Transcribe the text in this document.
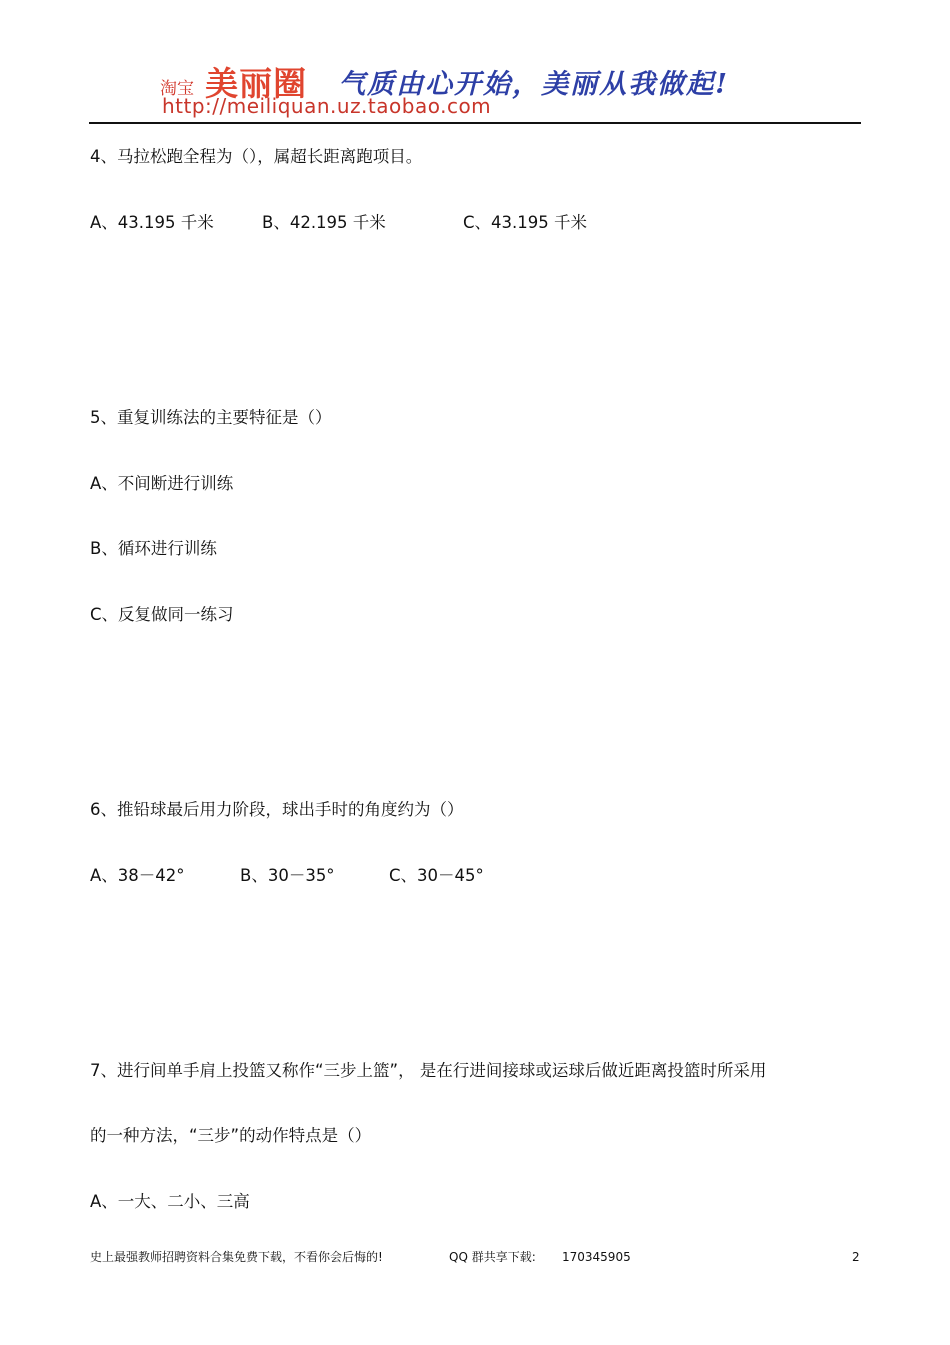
淘宝 美丽圈 气质由心开始，美丽从我做起!
http://meiliquan.uz.taobao.com
4、马拉松跑全程为（），属超长距离跑项目。
A、43.195 千米	B、42.195 千米	C、43.195 千米
5、重复训练法的主要特征是（）
A、不间断进行训练
B、循环进行训练
C、反复做同一练习
6、推铅球最后用力阶段，球出手时的角度约为（）
A、38－42°	B、30－35°	C、30－45°
7、进行间单手肩上投篮又称作“三步上篮”， 是在行进间接球或运球后做近距离投篮时所采用
的一种方法，“三步”的动作特点是（）
A、一大、二小、三高
史上最强教师招聘资料合集免费下载，不看你会后悔的!	QQ 群共享下载: 170345905	2
